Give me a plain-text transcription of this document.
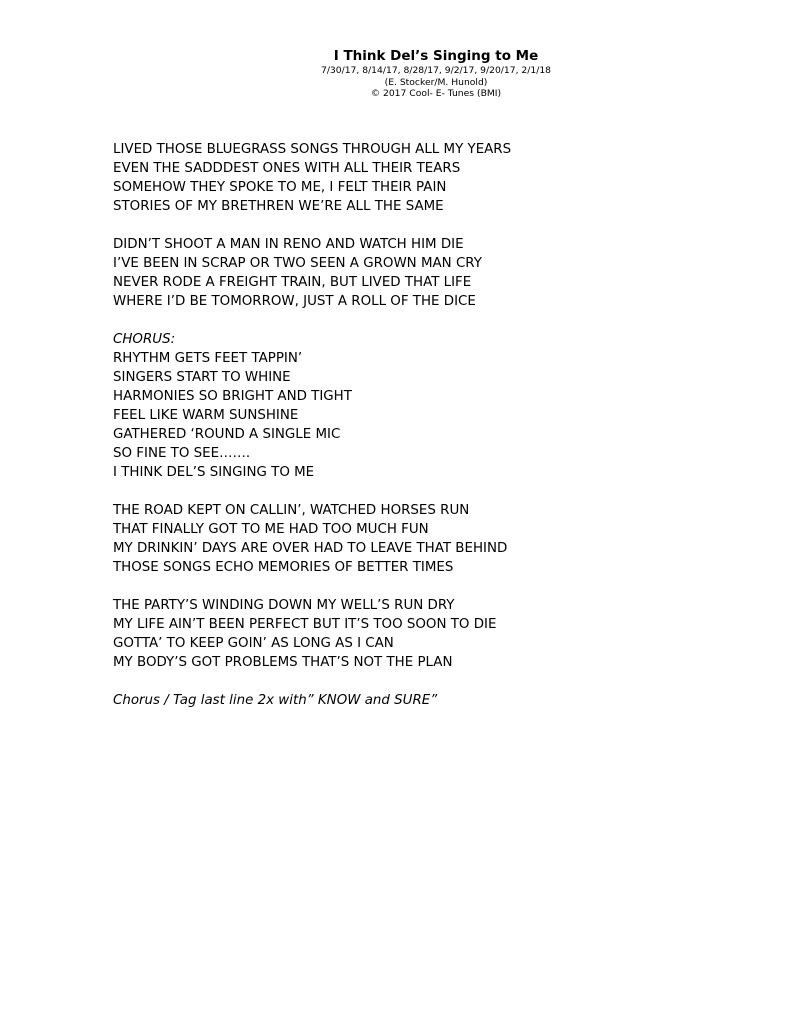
I Think Del’s Singing to Me

7/30/17, 8/14/17, 8/28/17, 9/2/17, 9/20/17, 2/1/18

(E. Stocker/M. Hunold)

© 2017 Cool- E- Tunes (BMI)

LIVED THOSE BLUEGRASS SONGS THROUGH ALL MY YEARS
EVEN THE SADDDEST ONES WITH ALL THEIR TEARS
SOMEHOW THEY SPOKE TO ME, I FELT THEIR PAIN
STORIES OF MY BRETHREN WE’RE ALL THE SAME
DIDN’T SHOOT A MAN IN RENO AND WATCH HIM DIE
I’VE BEEN IN SCRAP OR TWO SEEN A GROWN MAN CRY
NEVER RODE A FREIGHT TRAIN, BUT LIVED THAT LIFE
WHERE I’D BE TOMORROW, JUST A ROLL OF THE DICE
CHORUS:
RHYTHM GETS FEET TAPPIN’
SINGERS START TO WHINE
HARMONIES SO BRIGHT AND TIGHT
FEEL LIKE WARM SUNSHINE
GATHERED ‘ROUND A SINGLE MIC
SO FINE TO SEE…….
I THINK DEL’S SINGING TO ME
THE ROAD KEPT ON CALLIN’, WATCHED HORSES RUN
THAT FINALLY GOT TO ME HAD TOO MUCH FUN
MY DRINKIN’ DAYS ARE OVER HAD TO LEAVE THAT BEHIND
THOSE SONGS ECHO MEMORIES OF BETTER TIMES
THE PARTY’S WINDING DOWN MY WELL’S RUN DRY
MY LIFE AIN’T BEEN PERFECT BUT IT’S TOO SOON TO DIE
GOTTA’ TO KEEP GOIN’ AS LONG AS I CAN
MY BODY’S GOT PROBLEMS THAT’S NOT THE PLAN
Chorus / Tag last line 2x with” KNOW and SURE”
